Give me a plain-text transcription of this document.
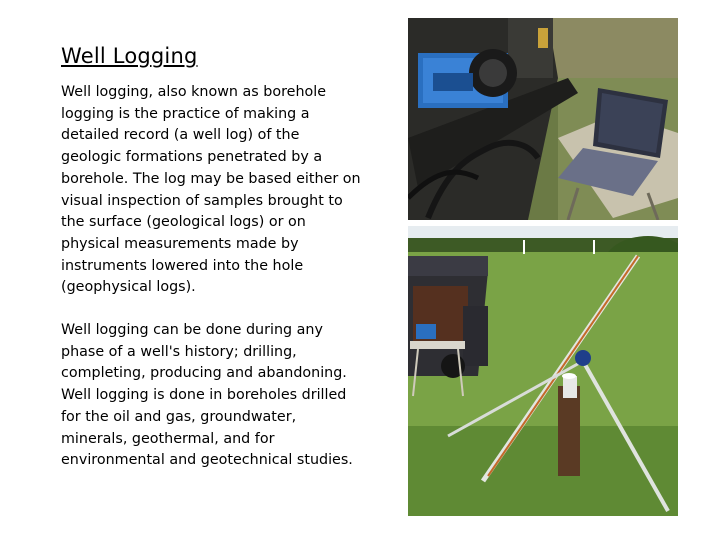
Well Logging
Well logging, also known as borehole logging is the practice of making a detailed record (a well log) of the geologic formations penetrated by a borehole. The log may be based either on visual inspection of samples brought to the surface (geological logs) or on physical measurements made by instruments lowered into the hole (geophysical logs).
Well logging can be done during any phase of a well's history; drilling, completing, producing and abandoning. Well logging is done in boreholes drilled for the oil and gas, groundwater, minerals, geothermal, and for environmental and geotechnical studies.
